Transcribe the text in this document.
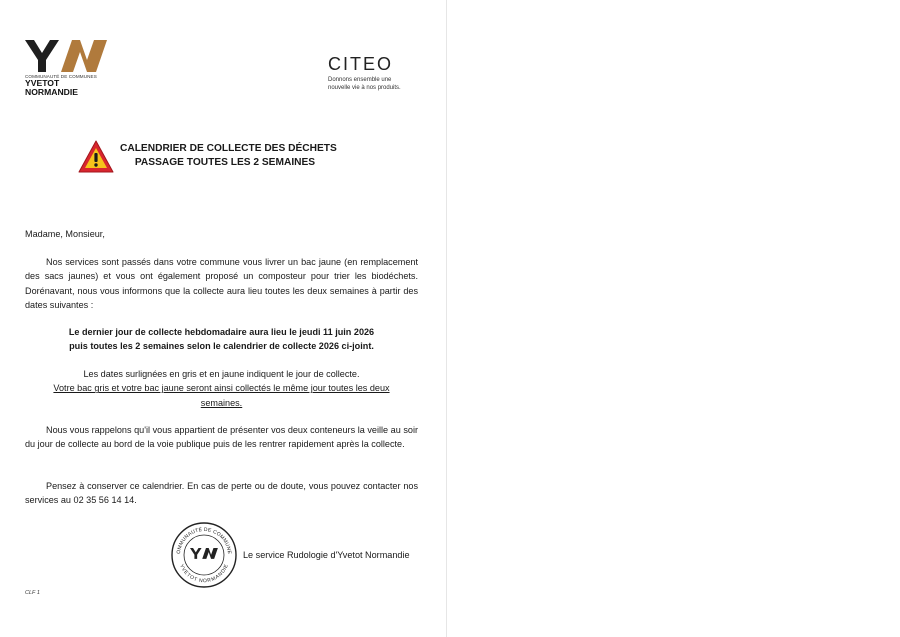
COMMUNAUTÉ DE COMMUNES
YVETOT
NORMANDIE
CITEO
Donnons ensemble une nouvelle vie à nos produits.
CALENDRIER DE COLLECTE DES DÉCHETS
PASSAGE TOUTES LES 2 SEMAINES
Madame, Monsieur,
Nos services sont passés dans votre commune vous livrer un bac jaune (en remplacement des sacs jaunes) et vous ont également proposé un composteur pour trier les biodéchets. Dorénavant, nous vous informons que la collecte aura lieu toutes les deux semaines à partir des dates suivantes :
Le dernier jour de collecte hebdomadaire aura lieu le jeudi 11 juin 2026
puis toutes les 2 semaines selon le calendrier de collecte 2026 ci-joint.
Les dates surlignées en gris et en jaune indiquent le jour de collecte.
Votre bac gris et votre bac jaune seront ainsi collectés le même jour toutes les deux semaines.
Nous vous rappelons qu'il vous appartient de présenter vos deux conteneurs la veille au soir du jour de collecte au bord de la voie publique puis de les rentrer rapidement après la collecte.
Pensez à conserver ce calendrier. En cas de perte ou de doute, vous pouvez contacter nos services au 02 35 56 14 14.
OMMUNAUTÉ DE COMMUNE
YVETOT NORMANDIE
Le service Rudologie d'Yvetot Normandie
CLF 1
